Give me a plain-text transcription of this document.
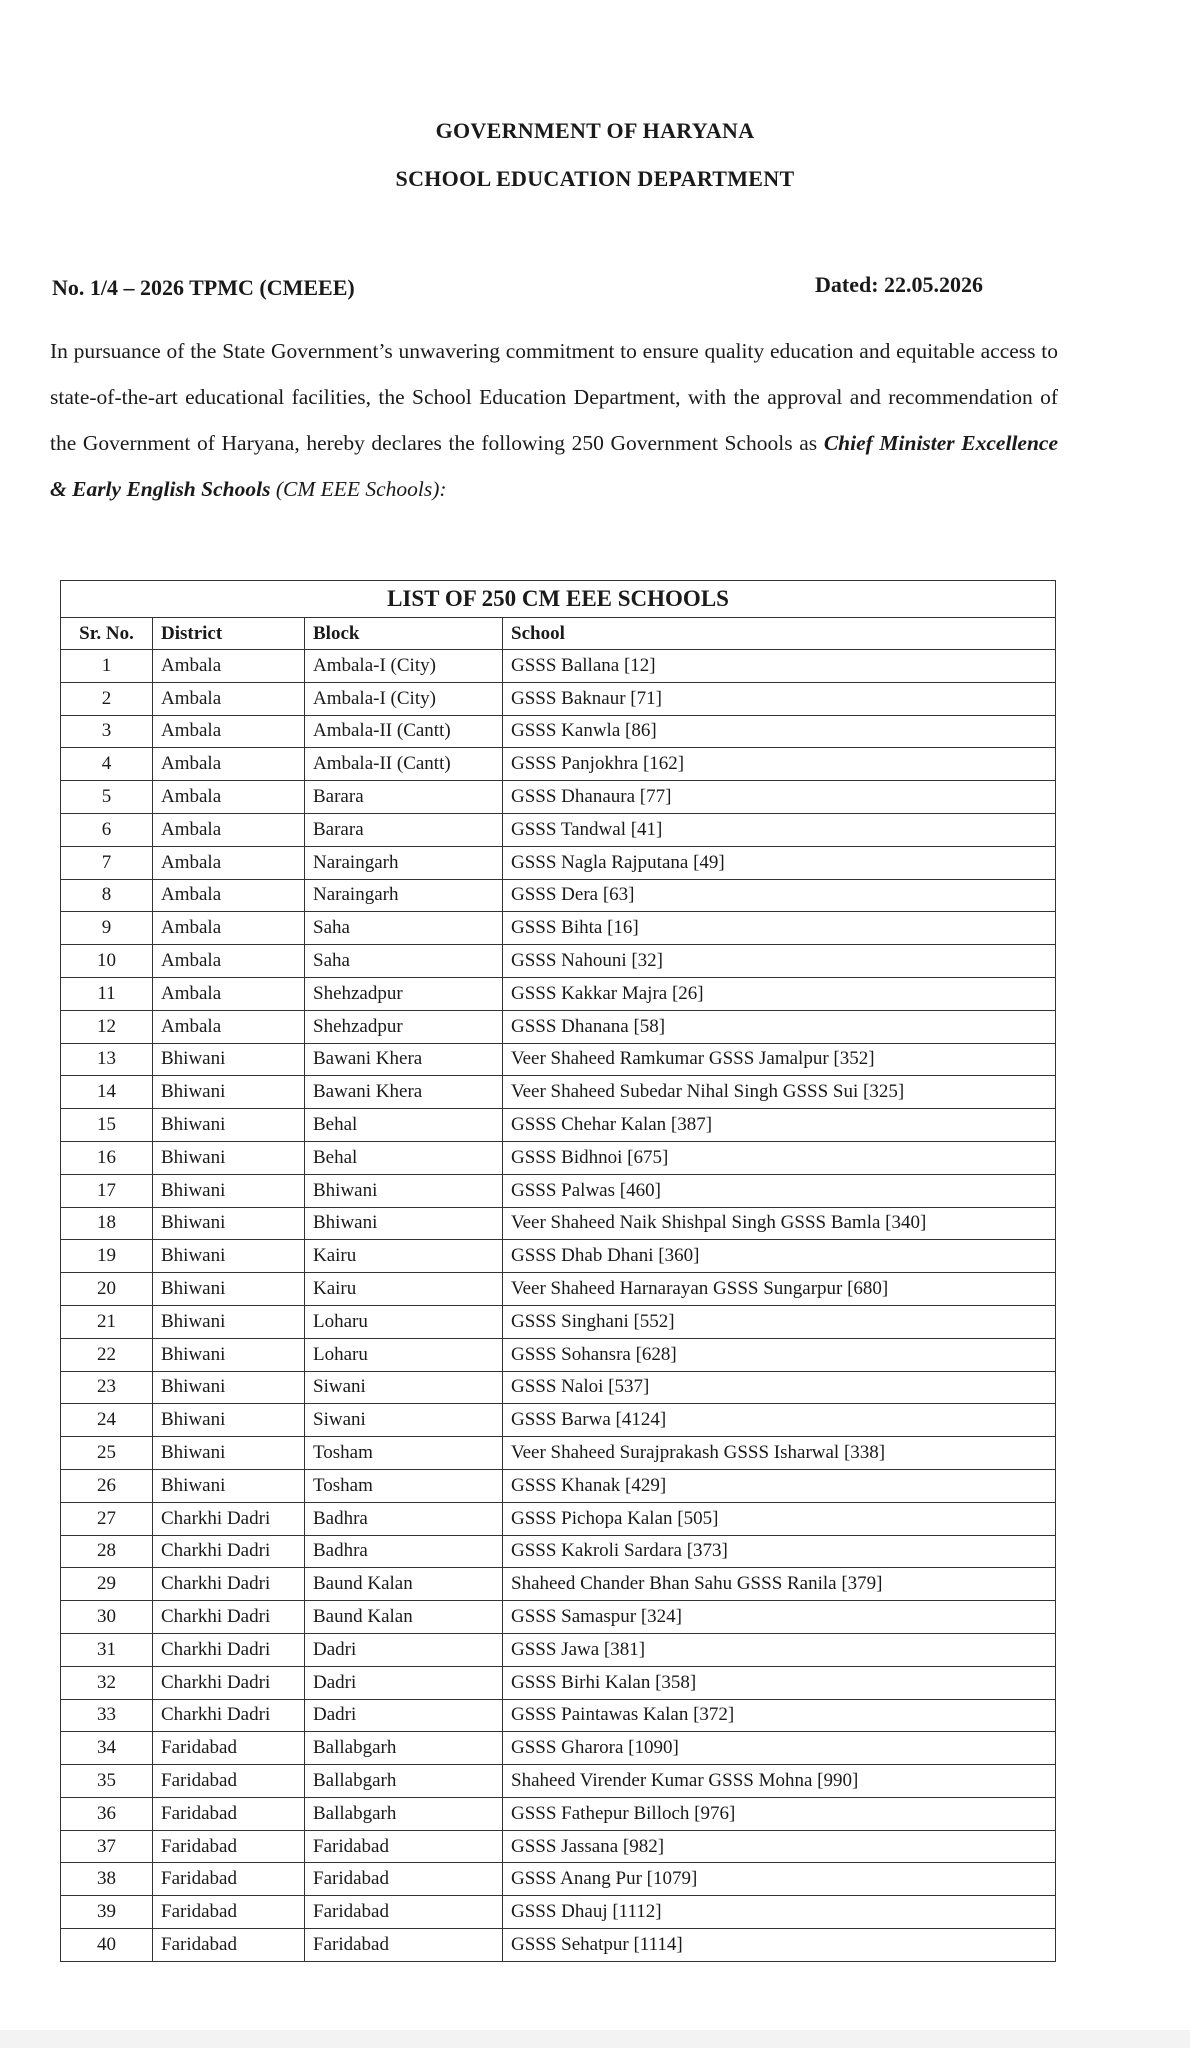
GOVERNMENT OF HARYANA
SCHOOL EDUCATION DEPARTMENT
No. 1/4 – 2026 TPMC (CMEEE)	Dated: 22.05.2026
In pursuance of the State Government’s unwavering commitment to ensure quality education and equitable access to state-of-the-art educational facilities, the School Education Department, with the approval and recommendation of the Government of Haryana, hereby declares the following 250 Government Schools as Chief Minister Excellence & Early English Schools (CM EEE Schools):
LIST OF 250 CM EEE SCHOOLS			
Sr. No.	District	Block	School
1	Ambala	Ambala-I (City)	GSSS Ballana [12]
2	Ambala	Ambala-I (City)	GSSS Baknaur [71]
3	Ambala	Ambala-II (Cantt)	GSSS Kanwla [86]
4	Ambala	Ambala-II (Cantt)	GSSS Panjokhra [162]
5	Ambala	Barara	GSSS Dhanaura [77]
6	Ambala	Barara	GSSS Tandwal [41]
7	Ambala	Naraingarh	GSSS Nagla Rajputana [49]
8	Ambala	Naraingarh	GSSS Dera [63]
9	Ambala	Saha	GSSS Bihta [16]
10	Ambala	Saha	GSSS Nahouni [32]
11	Ambala	Shehzadpur	GSSS Kakkar Majra [26]
12	Ambala	Shehzadpur	GSSS Dhanana [58]
13	Bhiwani	Bawani Khera	Veer Shaheed Ramkumar GSSS Jamalpur [352]
14	Bhiwani	Bawani Khera	Veer Shaheed Subedar Nihal Singh GSSS Sui [325]
15	Bhiwani	Behal	GSSS Chehar Kalan [387]
16	Bhiwani	Behal	GSSS Bidhnoi [675]
17	Bhiwani	Bhiwani	GSSS Palwas [460]
18	Bhiwani	Bhiwani	Veer Shaheed Naik Shishpal Singh GSSS Bamla [340]
19	Bhiwani	Kairu	GSSS Dhab Dhani [360]
20	Bhiwani	Kairu	Veer Shaheed Harnarayan GSSS Sungarpur [680]
21	Bhiwani	Loharu	GSSS Singhani [552]
22	Bhiwani	Loharu	GSSS Sohansra [628]
23	Bhiwani	Siwani	GSSS Naloi [537]
24	Bhiwani	Siwani	GSSS Barwa [4124]
25	Bhiwani	Tosham	Veer Shaheed Surajprakash GSSS Isharwal [338]
26	Bhiwani	Tosham	GSSS Khanak [429]
27	Charkhi Dadri	Badhra	GSSS Pichopa Kalan [505]
28	Charkhi Dadri	Badhra	GSSS Kakroli Sardara [373]
29	Charkhi Dadri	Baund Kalan	Shaheed Chander Bhan Sahu GSSS Ranila [379]
30	Charkhi Dadri	Baund Kalan	GSSS Samaspur [324]
31	Charkhi Dadri	Dadri	GSSS Jawa [381]
32	Charkhi Dadri	Dadri	GSSS Birhi Kalan [358]
33	Charkhi Dadri	Dadri	GSSS Paintawas Kalan [372]
34	Faridabad	Ballabgarh	GSSS Gharora [1090]
35	Faridabad	Ballabgarh	Shaheed Virender Kumar GSSS Mohna [990]
36	Faridabad	Ballabgarh	GSSS Fathepur Billoch [976]
37	Faridabad	Faridabad	GSSS Jassana [982]
38	Faridabad	Faridabad	GSSS Anang Pur [1079]
39	Faridabad	Faridabad	GSSS Dhauj [1112]
40	Faridabad	Faridabad	GSSS Sehatpur [1114]
